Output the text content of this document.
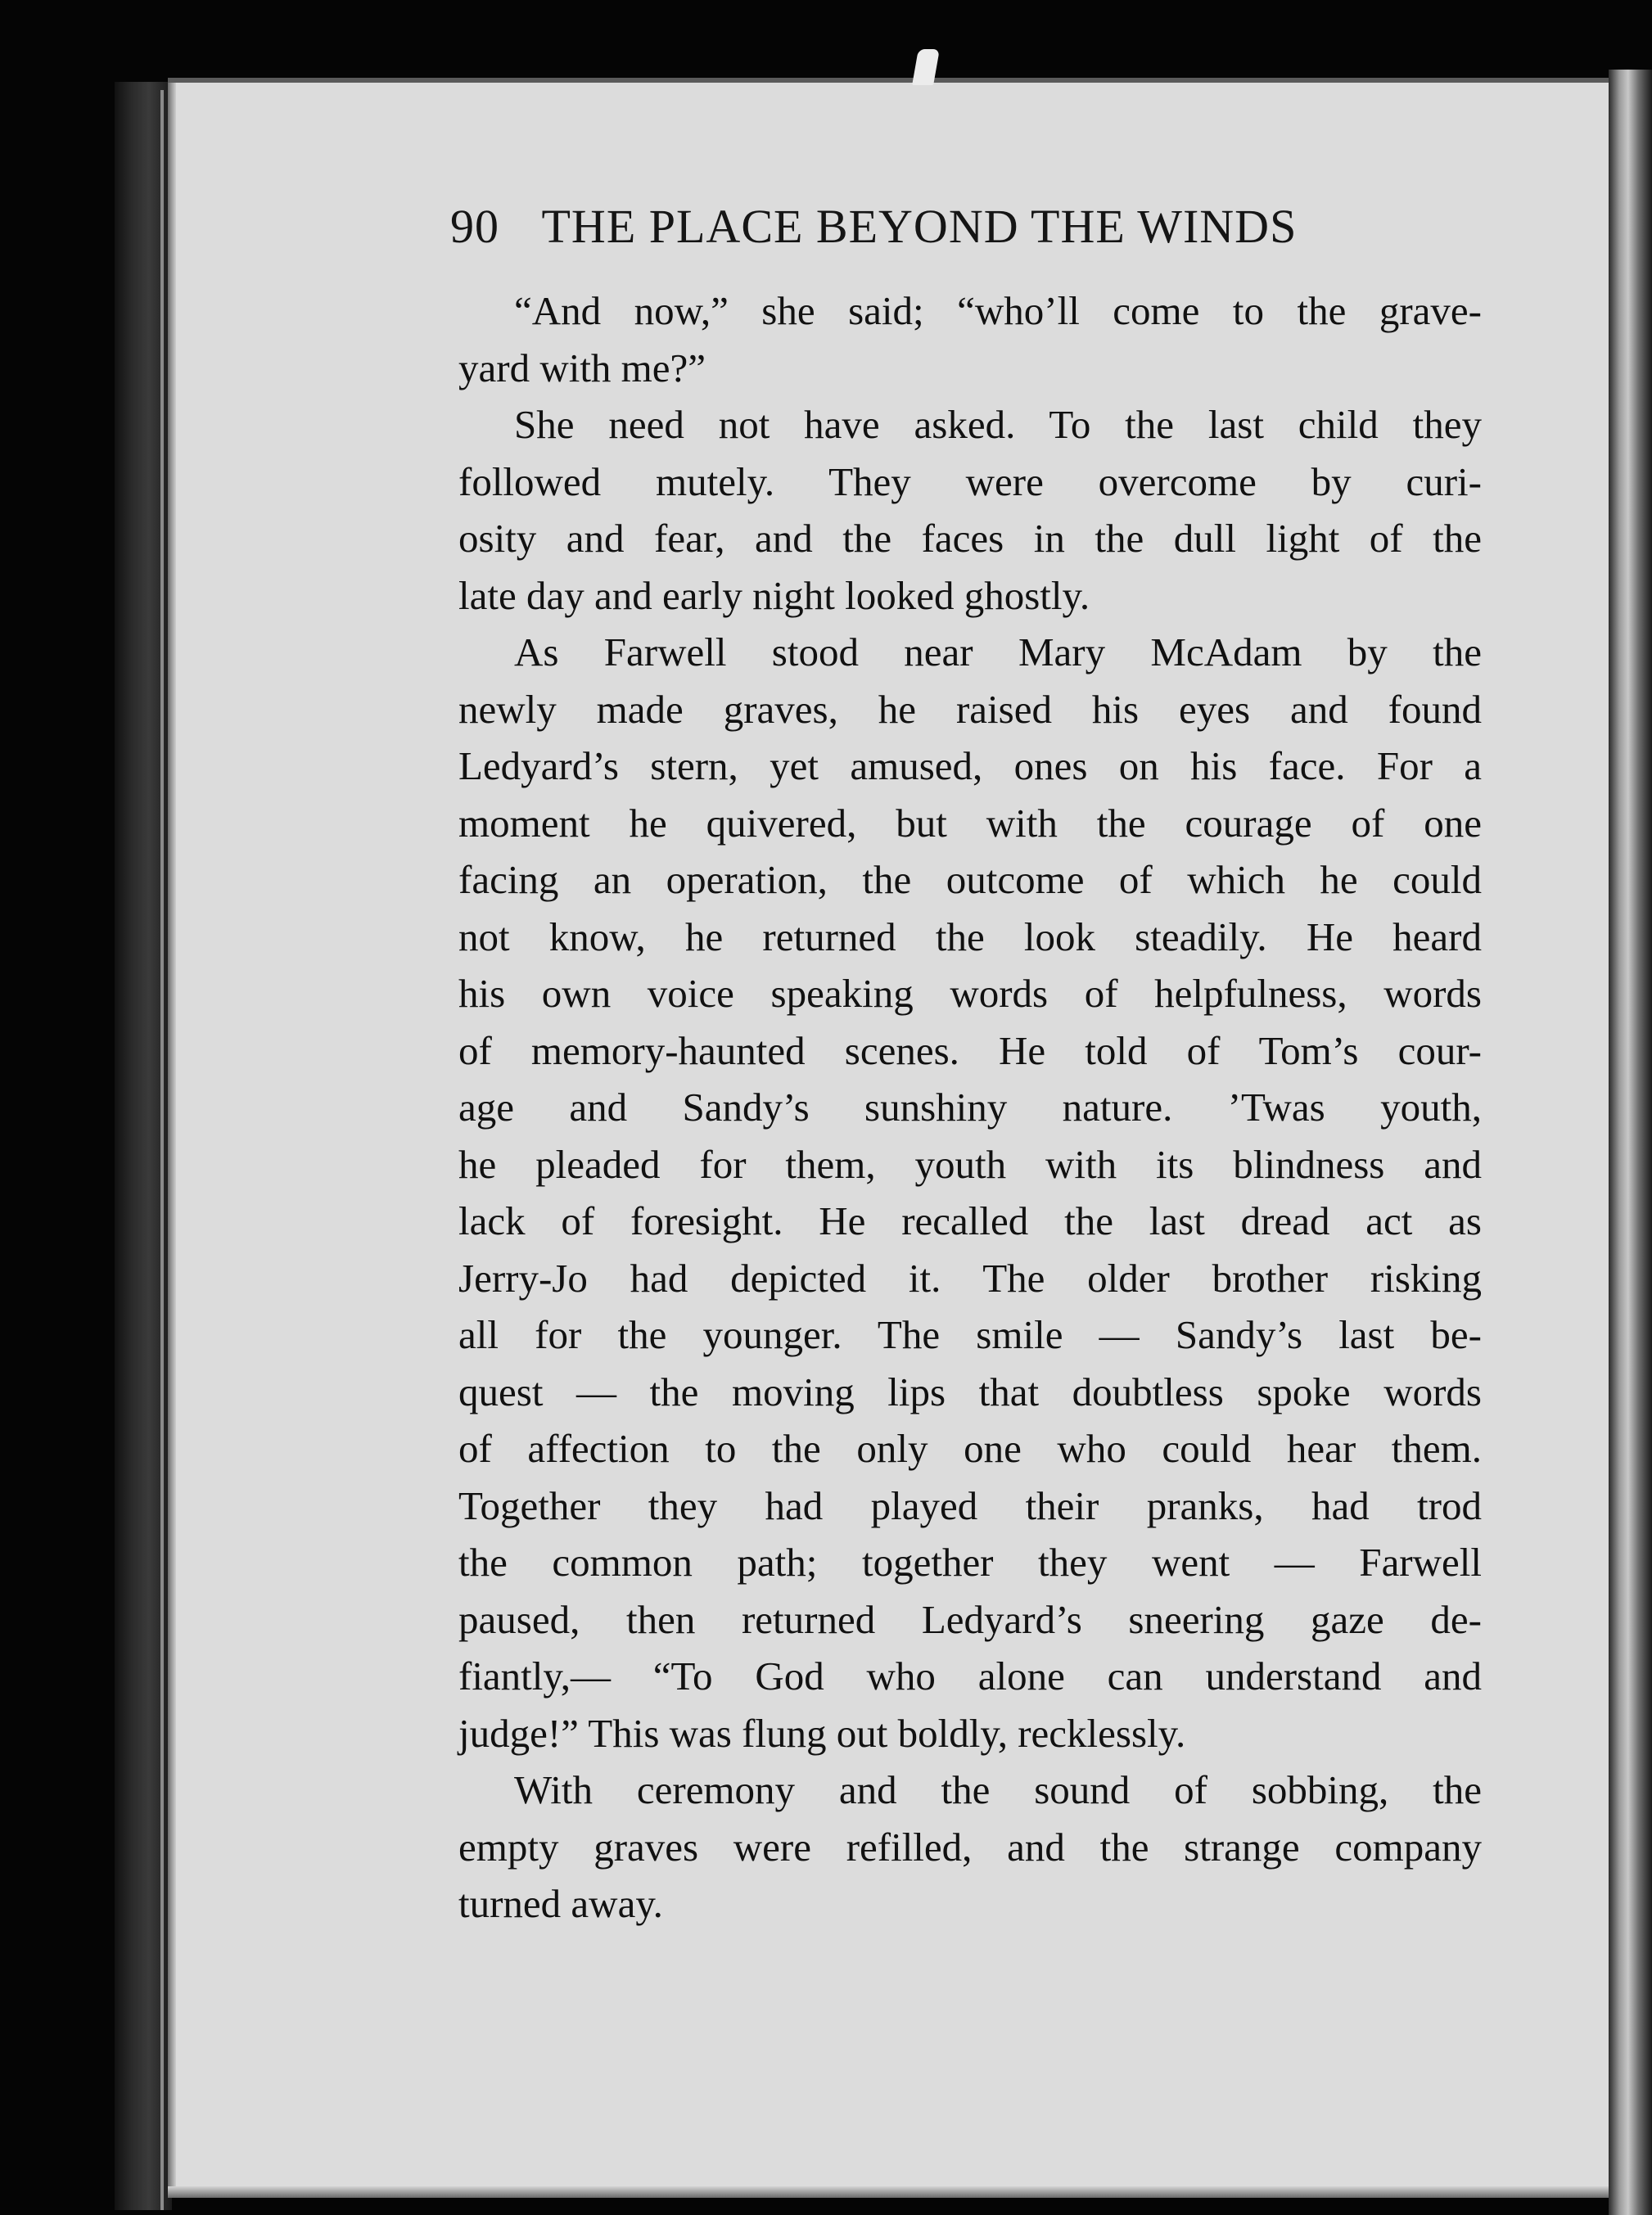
90 THE PLACE BEYOND THE WINDS
“And now,” she said; “who’ll come to the grave-
yard with me?”
She need not have asked. To the last child they
followed mutely. They were overcome by curi-
osity and fear, and the faces in the dull light of the
late day and early night looked ghostly.
As Farwell stood near Mary McAdam by the
newly made graves, he raised his eyes and found
Ledyard’s stern, yet amused, ones on his face. For a
moment he quivered, but with the courage of one
facing an operation, the outcome of which he could
not know, he returned the look steadily. He heard
his own voice speaking words of helpfulness, words
of memory-haunted scenes. He told of Tom’s cour-
age and Sandy’s sunshiny nature. ’Twas youth,
he pleaded for them, youth with its blindness and
lack of foresight. He recalled the last dread act as
Jerry-Jo had depicted it. The older brother risking
all for the younger. The smile — Sandy’s last be-
quest — the moving lips that doubtless spoke words
of affection to the only one who could hear them.
Together they had played their pranks, had trod
the common path; together they went — Farwell
paused, then returned Ledyard’s sneering gaze de-
fiantly,— “To God who alone can understand and
judge!” This was flung out boldly, recklessly.
With ceremony and the sound of sobbing, the
empty graves were refilled, and the strange company
turned away.
